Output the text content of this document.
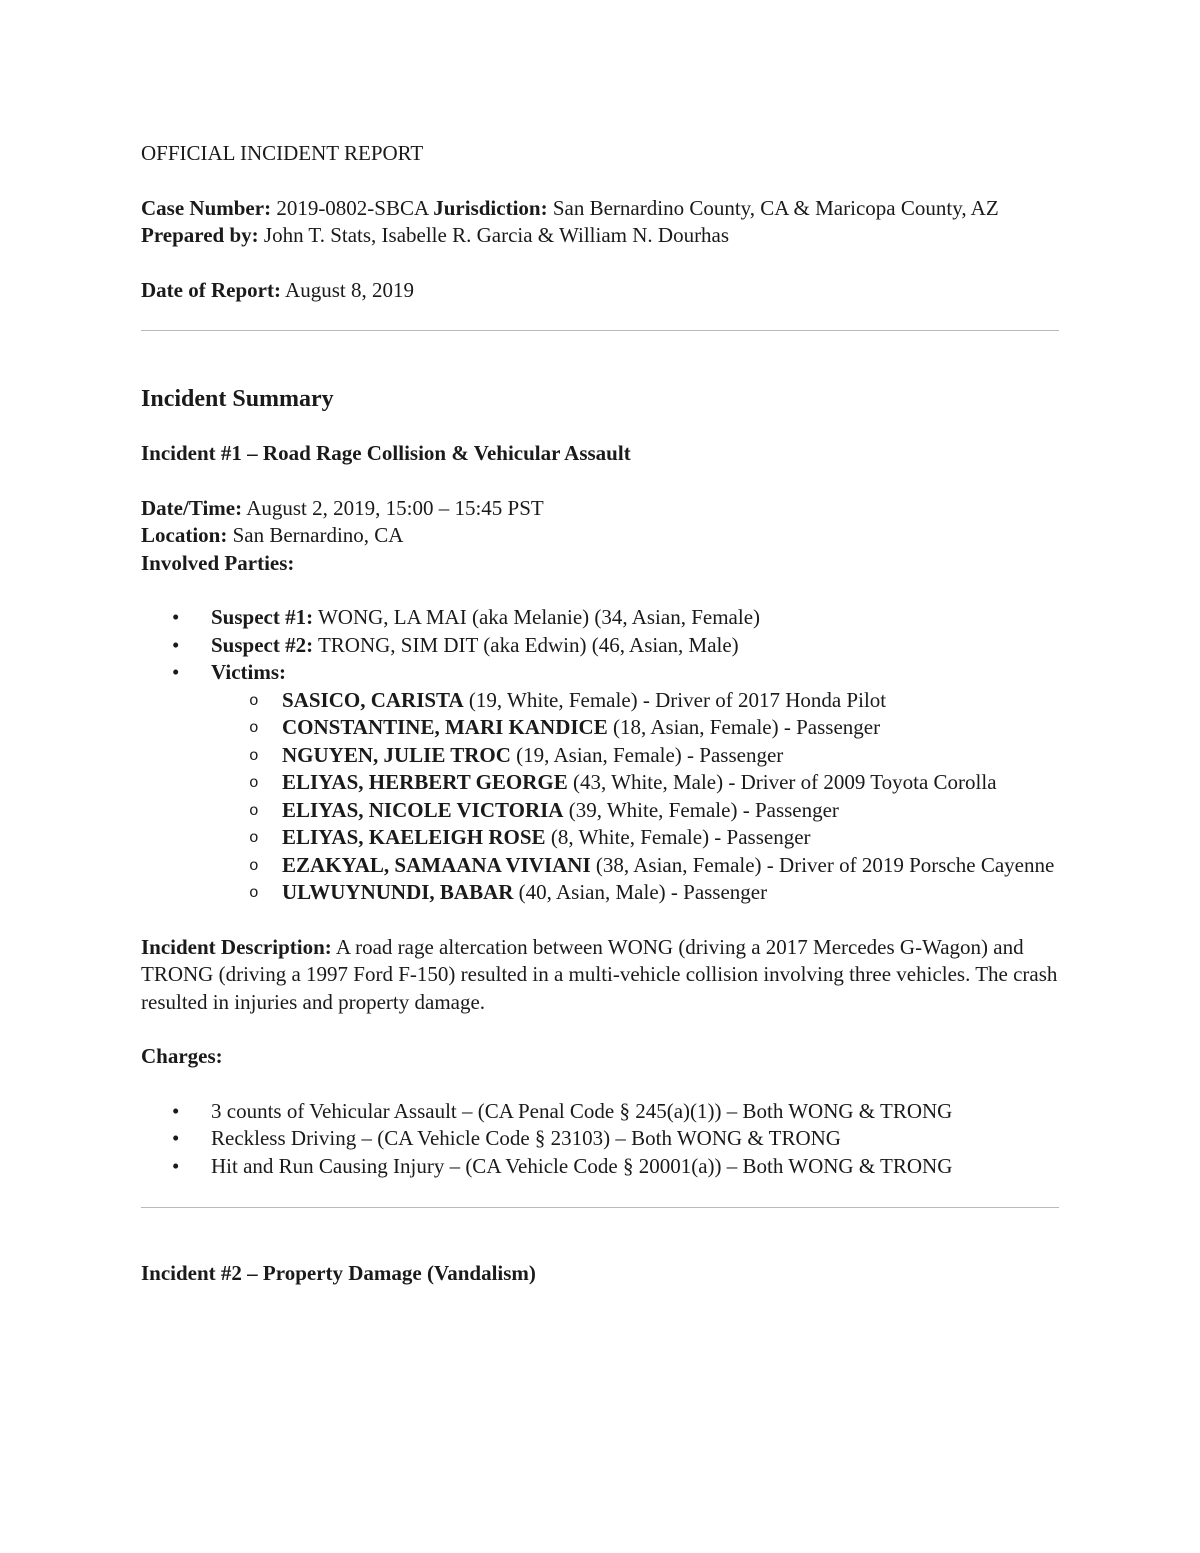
OFFICIAL INCIDENT REPORT

Case Number: 2019-0802-SBCA Jurisdiction: San Bernardino County, CA & Maricopa County, AZ Prepared by: John T. Stats, Isabelle R. Garcia & William N. Dourhas

Date of Report: August 8, 2019

Incident Summary

Incident #1 – Road Rage Collision & Vehicular Assault

Date/Time: August 2, 2019, 15:00 – 15:45 PST

Location: San Bernardino, CA

Involved Parties:

• Suspect #1: WONG, LA MAI (aka Melanie) (34, Asian, Female)
• Suspect #2: TRONG, SIM DIT (aka Edwin) (46, Asian, Male)
• Victims:
o SASICO, CARISTA (19, White, Female) - Driver of 2017 Honda Pilot
o CONSTANTINE, MARI KANDICE (18, Asian, Female) - Passenger
o NGUYEN, JULIE TROC (19, Asian, Female) - Passenger
o ELIYAS, HERBERT GEORGE (43, White, Male) - Driver of 2009 Toyota Corolla
o ELIYAS, NICOLE VICTORIA (39, White, Female) - Passenger
o ELIYAS, KAELEIGH ROSE (8, White, Female) - Passenger
o EZAKYAL, SAMAANA VIVIANI (38, Asian, Female) - Driver of 2019 Porsche Cayenne
o ULWUYNUNDI, BABAR (40, Asian, Male) - Passenger

Incident Description: A road rage altercation between WONG (driving a 2017 Mercedes G-Wagon) and TRONG (driving a 1997 Ford F-150) resulted in a multi-vehicle collision involving three vehicles. The crash resulted in injuries and property damage.

Charges:

• 3 counts of Vehicular Assault – (CA Penal Code § 245(a)(1)) – Both WONG & TRONG
• Reckless Driving – (CA Vehicle Code § 23103) – Both WONG & TRONG
• Hit and Run Causing Injury – (CA Vehicle Code § 20001(a)) – Both WONG & TRONG

Incident #2 – Property Damage (Vandalism)
